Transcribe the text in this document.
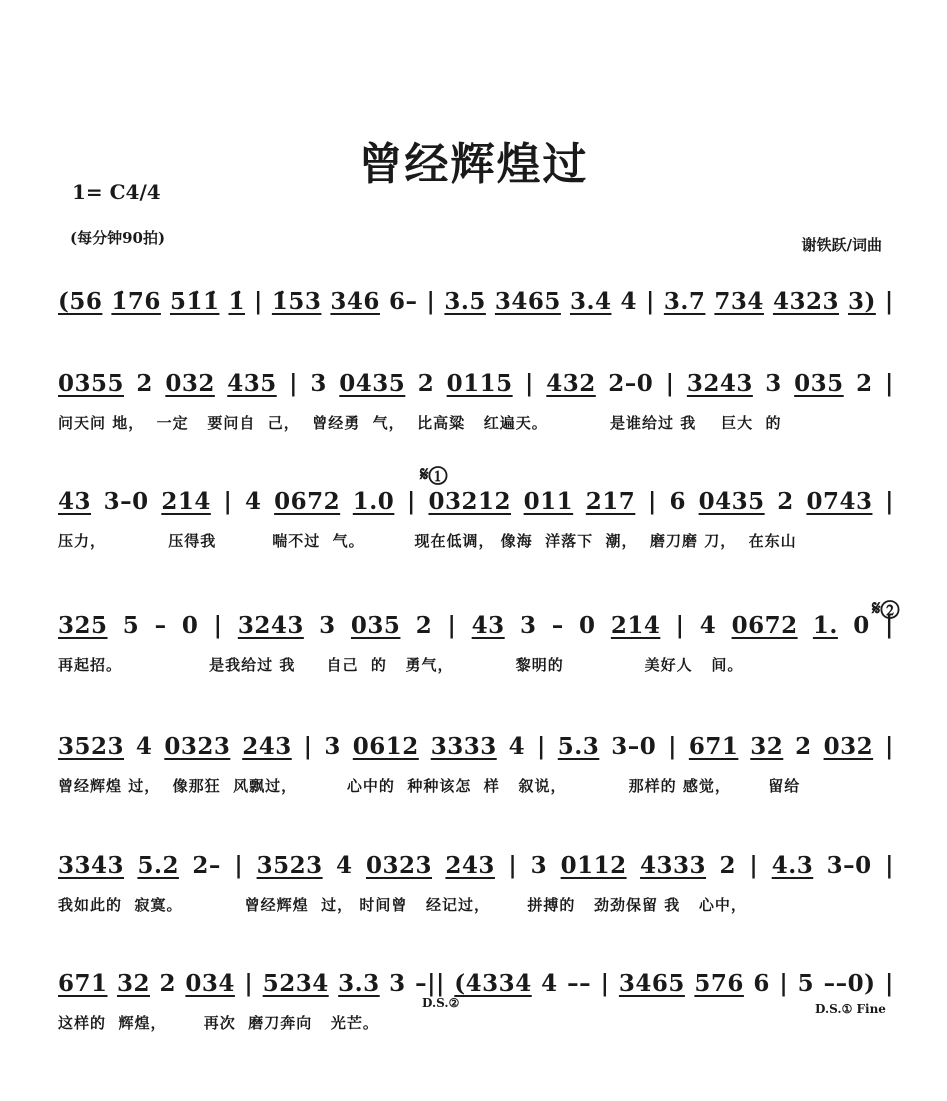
曾经辉煌过
1= C4/4
(每分钟90拍)	谢铁跃/词曲
(56 1̇76 51̇1̇ 1̇ | 1̇53 346 6– | 3.5 3465 3.4 4 | 3.7 734 4323 3) |
0355 2 032 435 | 3 0435 2 0115 | 432 2–0 | 3243 3 035 2 |
问天问 地，  一定   要问自  己，  曾经勇  气，  比高粱   红遍天。          是谁给过 我    巨大  的
43 3–0 214 | 4 0672 1.0 | 03212 011 217 | 6 0435 2 0743 |
压力，          压得我         喘不过  气。        现在低调， 像海  洋落下  潮，  磨刀磨 刀，  在东山
325 5 – 0 | 3243 3 035 2 | 43 3 – 0 214 | 4 0672 1. 0 |
再起招。              是我给过 我     自己  的   勇气，          黎明的             美好人   间。
3523 4 0323 243 | 3 0612 3333 4 | 5.3 3–0 | 671 32 2 032 |
曾经辉煌 过，  像那狂  风飘过，        心中的  种种该怎  样   叙说，          那样的 感觉，      留给
3343 5.2 2– | 3523 4 0323 243 | 3 0112 4333 2 | 4.3 3–0 |
我如此的  寂寞。          曾经辉煌  过， 时间曾   经记过，      拼搏的   劲劲保留 我   心中，
671 32 2 034 | 5234 3.3 3 –|| (4334 4 –– | 3465 576 6 | 5 ––0) |
这样的  辉煌，      再次  磨刀奔向   光芒。
𝄋①
𝄋②
D.S.②	D.S.① Fine
